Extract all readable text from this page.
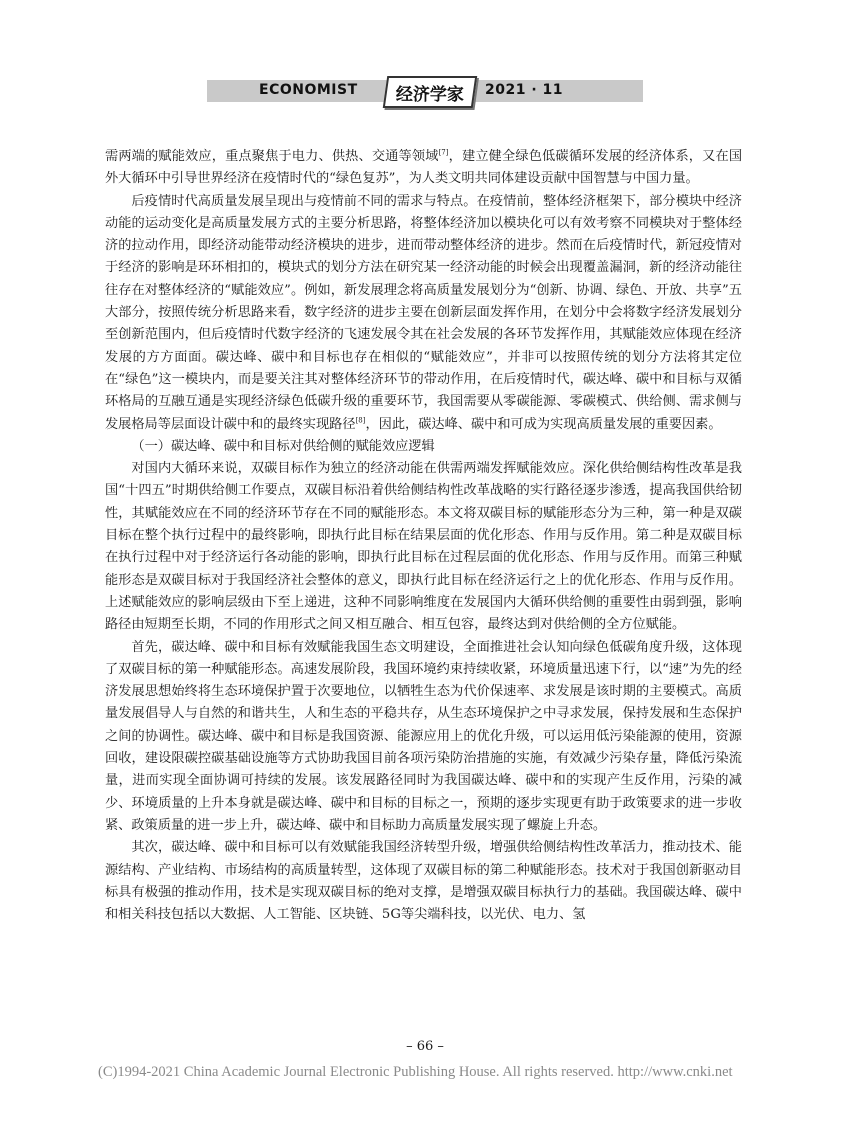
ECONOMIST	经济学家	2021 · 11

需两端的赋能效应，重点聚焦于电力、供热、交通等领域[7]，建立健全绿色低碳循环发展的经济体系，又在国外大循环中引导世界经济在疫情时代的“绿色复苏”，为人类文明共同体建设贡献中国智慧与中国力量。

后疫情时代高质量发展呈现出与疫情前不同的需求与特点。在疫情前，整体经济框架下，部分模块中经济动能的运动变化是高质量发展方式的主要分析思路，将整体经济加以模块化可以有效考察不同模块对于整体经济的拉动作用，即经济动能带动经济模块的进步，进而带动整体经济的进步。然而在后疫情时代，新冠疫情对于经济的影响是环环相扣的，模块式的划分方法在研究某一经济动能的时候会出现覆盖漏洞，新的经济动能往往存在对整体经济的“赋能效应”。例如，新发展理念将高质量发展划分为“创新、协调、绿色、开放、共享”五大部分，按照传统分析思路来看，数字经济的进步主要在创新层面发挥作用，在划分中会将数字经济发展划分至创新范围内，但后疫情时代数字经济的飞速发展令其在社会发展的各环节发挥作用，其赋能效应体现在经济发展的方方面面。碳达峰、碳中和目标也存在相似的“赋能效应”，并非可以按照传统的划分方法将其定位在“绿色”这一模块内，而是要关注其对整体经济环节的带动作用，在后疫情时代，碳达峰、碳中和目标与双循环格局的互融互通是实现经济绿色低碳升级的重要环节，我国需要从零碳能源、零碳模式、供给侧、需求侧与发展格局等层面设计碳中和的最终实现路径[8]，因此，碳达峰、碳中和可成为实现高质量发展的重要因素。

（一）碳达峰、碳中和目标对供给侧的赋能效应逻辑

对国内大循环来说，双碳目标作为独立的经济动能在供需两端发挥赋能效应。深化供给侧结构性改革是我国“十四五”时期供给侧工作要点，双碳目标沿着供给侧结构性改革战略的实行路径逐步渗透，提高我国供给韧性，其赋能效应在不同的经济环节存在不同的赋能形态。本文将双碳目标的赋能形态分为三种，第一种是双碳目标在整个执行过程中的最终影响，即执行此目标在结果层面的优化形态、作用与反作用。第二种是双碳目标在执行过程中对于经济运行各动能的影响，即执行此目标在过程层面的优化形态、作用与反作用。而第三种赋能形态是双碳目标对于我国经济社会整体的意义，即执行此目标在经济运行之上的优化形态、作用与反作用。上述赋能效应的影响层级由下至上递进，这种不同影响维度在发展国内大循环供给侧的重要性由弱到强，影响路径由短期至长期，不同的作用形式之间又相互融合、相互包容，最终达到对供给侧的全方位赋能。

首先，碳达峰、碳中和目标有效赋能我国生态文明建设，全面推进社会认知向绿色低碳角度升级，这体现了双碳目标的第一种赋能形态。高速发展阶段，我国环境约束持续收紧，环境质量迅速下行，以“速”为先的经济发展思想始终将生态环境保护置于次要地位，以牺牲生态为代价保速率、求发展是该时期的主要模式。高质量发展倡导人与自然的和谐共生，人和生态的平稳共存，从生态环境保护之中寻求发展，保持发展和生态保护之间的协调性。碳达峰、碳中和目标是我国资源、能源应用上的优化升级，可以运用低污染能源的使用，资源回收，建设限碳控碳基础设施等方式协助我国目前各项污染防治措施的实施，有效减少污染存量，降低污染流量，进而实现全面协调可持续的发展。该发展路径同时为我国碳达峰、碳中和的实现产生反作用，污染的减少、环境质量的上升本身就是碳达峰、碳中和目标的目标之一，预期的逐步实现更有助于政策要求的进一步收紧、政策质量的进一步上升，碳达峰、碳中和目标助力高质量发展实现了螺旋上升态。

其次，碳达峰、碳中和目标可以有效赋能我国经济转型升级，增强供给侧结构性改革活力，推动技术、能源结构、产业结构、市场结构的高质量转型，这体现了双碳目标的第二种赋能形态。技术对于我国创新驱动目标具有极强的推动作用，技术是实现双碳目标的绝对支撑，是增强双碳目标执行力的基础。我国碳达峰、碳中和相关科技包括以大数据、人工智能、区块链、5G等尖端科技，以光伏、电力、氢

– 66 –
(C)1994-2021 China Academic Journal Electronic Publishing House. All rights reserved. http://www.cnki.net
